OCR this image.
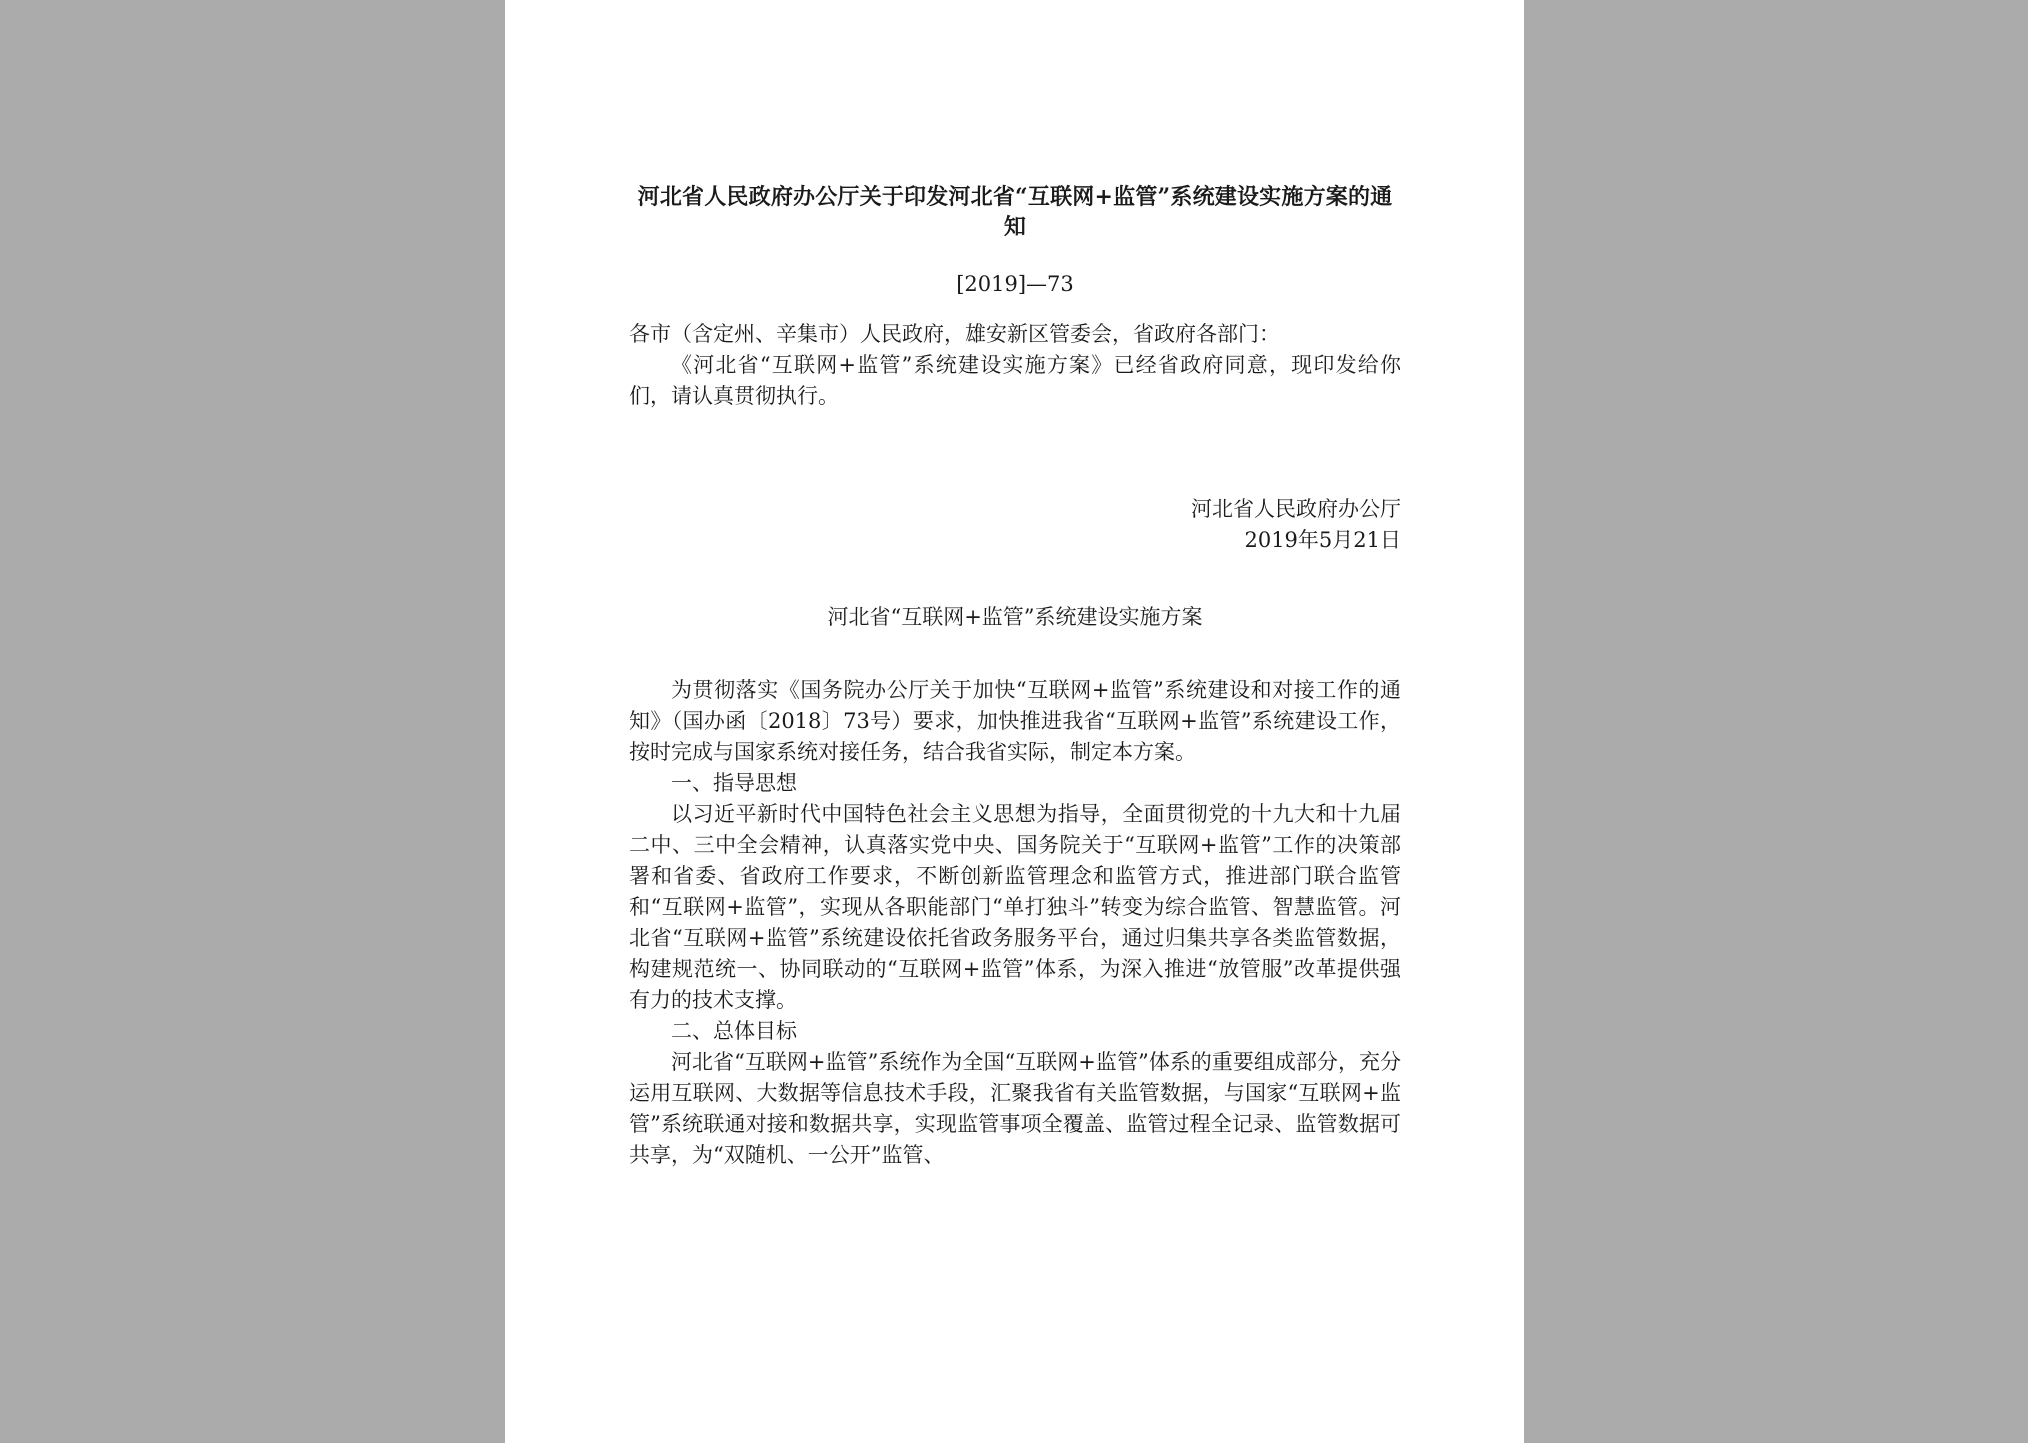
河北省人民政府办公厅关于印发河北省“互联网+监管”系统建设实施方案的通知

[2019]—73

各市（含定州、辛集市）人民政府，雄安新区管委会，省政府各部门：

《河北省“互联网+监管”系统建设实施方案》已经省政府同意，现印发给你们，请认真贯彻执行。

河北省人民政府办公厅
2019年5月21日

河北省“互联网+监管”系统建设实施方案

为贯彻落实《国务院办公厅关于加快“互联网+监管”系统建设和对接工作的通知》（国办函〔2018〕73号）要求，加快推进我省“互联网+监管”系统建设工作，按时完成与国家系统对接任务，结合我省实际，制定本方案。

一、指导思想

以习近平新时代中国特色社会主义思想为指导，全面贯彻党的十九大和十九届二中、三中全会精神，认真落实党中央、国务院关于“互联网+监管”工作的决策部署和省委、省政府工作要求，不断创新监管理念和监管方式，推进部门联合监管和“互联网+监管”，实现从各职能部门“单打独斗”转变为综合监管、智慧监管。河北省“互联网+监管”系统建设依托省政务服务平台，通过归集共享各类监管数据，构建规范统一、协同联动的“互联网+监管”体系，为深入推进“放管服”改革提供强有力的技术支撑。

二、总体目标

河北省“互联网+监管”系统作为全国“互联网+监管”体系的重要组成部分，充分运用互联网、大数据等信息技术手段，汇聚我省有关监管数据，与国家“互联网+监管”系统联通对接和数据共享，实现监管事项全覆盖、监管过程全记录、监管数据可共享，为“双随机、一公开”监管、
